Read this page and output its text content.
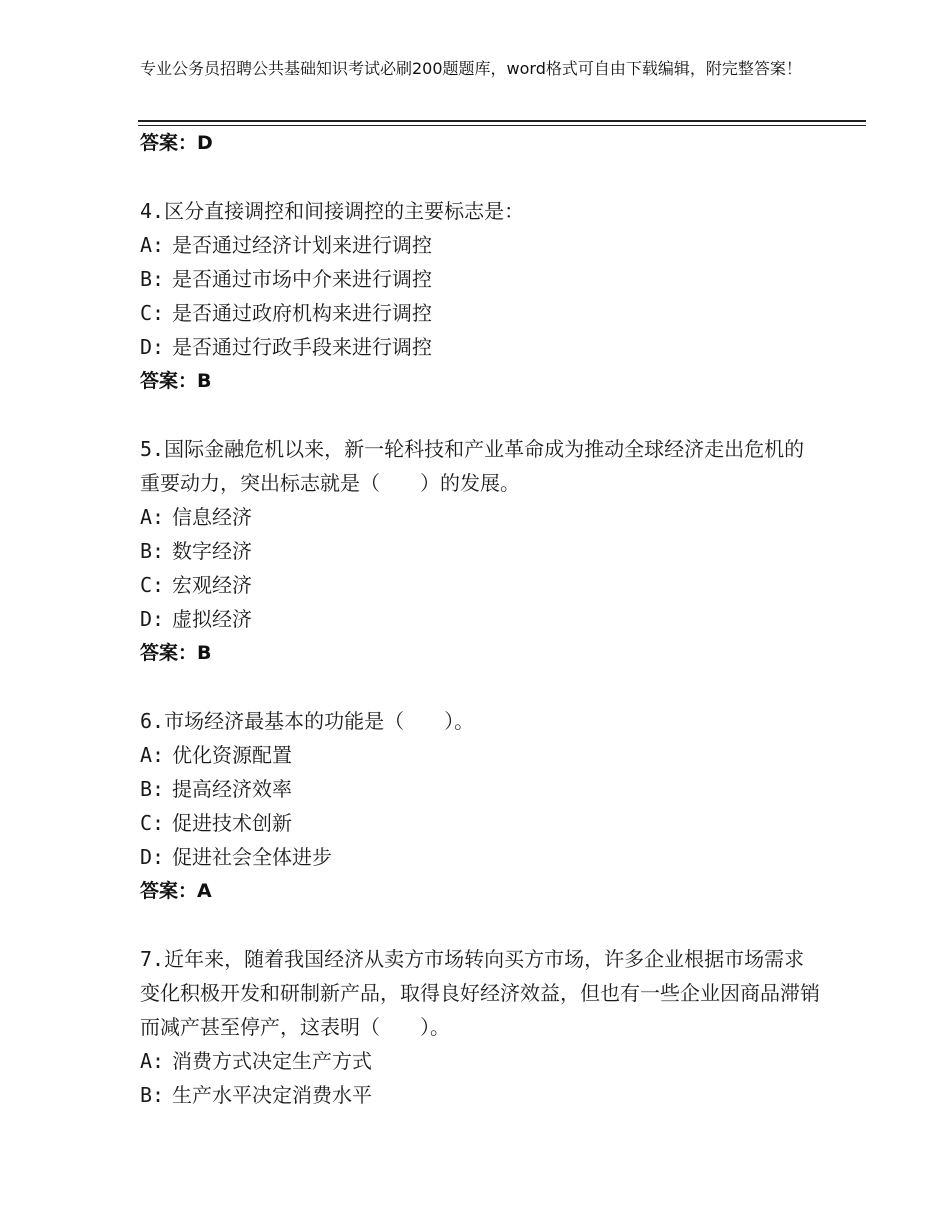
专业公务员招聘公共基础知识考试必刷200题题库，word格式可自由下载编辑，附完整答案！
答案：D
4.区分直接调控和间接调控的主要标志是：
A: 是否通过经济计划来进行调控
B: 是否通过市场中介来进行调控
C: 是否通过政府机构来进行调控
D: 是否通过行政手段来进行调控
答案：B
5.国际金融危机以来，新一轮科技和产业革命成为推动全球经济走出危机的重要动力，突出标志就是（　　）的发展。
A: 信息经济
B: 数字经济
C: 宏观经济
D: 虚拟经济
答案：B
6.市场经济最基本的功能是（　　）。
A: 优化资源配置
B: 提高经济效率
C: 促进技术创新
D: 促进社会全体进步
答案：A
7.近年来，随着我国经济从卖方市场转向买方市场，许多企业根据市场需求变化积极开发和研制新产品，取得良好经济效益，但也有一些企业因商品滞销而减产甚至停产，这表明（　　）。
A: 消费方式决定生产方式
B: 生产水平决定消费水平
